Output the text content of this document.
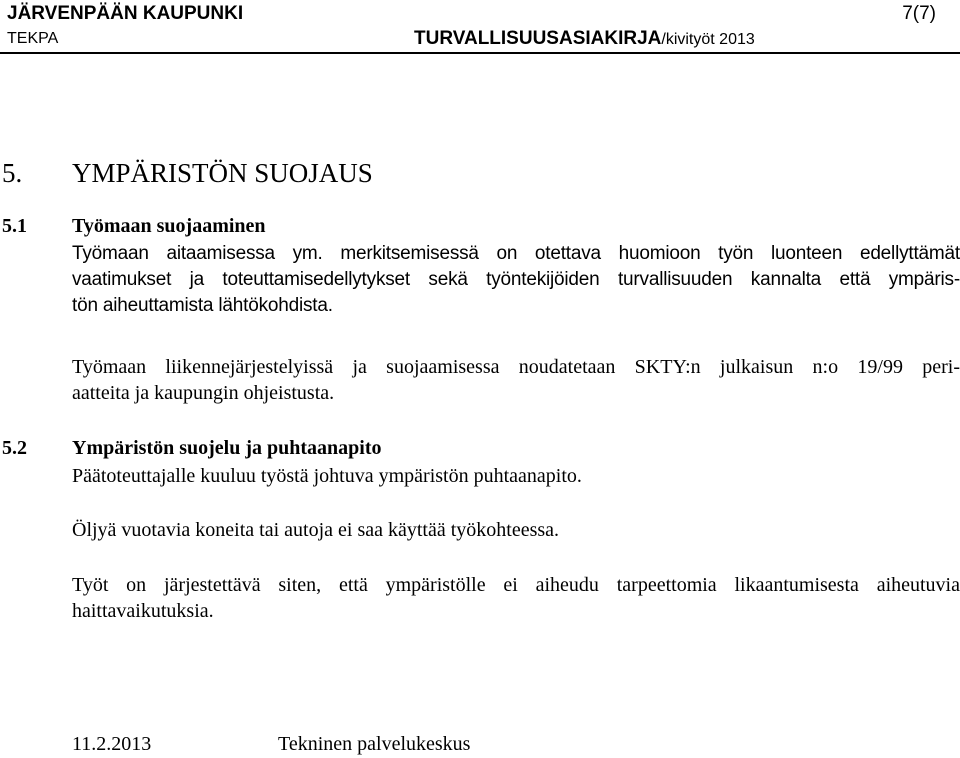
JÄRVENPÄÄN KAUPUNKI	7(7)
TEKPA	TURVALLISUUSASIAKIRJA/kivityöt 2013
5. YMPÄRISTÖN SUOJAUS
5.1 Työmaan suojaaminen
Työmaan aitaamisessa ym. merkitsemisessä on otettava huomioon työn luonteen edellyttämät
vaatimukset ja toteuttamisedellytykset sekä työntekijöiden turvallisuuden kannalta että ympäris-
tön aiheuttamista lähtökohdista.
Työmaan liikennejärjestelyissä ja suojaamisessa noudatetaan SKTY:n julkaisun n:o 19/99 peri-
aatteita ja kaupungin ohjeistusta.
5.2 Ympäristön suojelu ja puhtaanapito
Päätoteuttajalle kuuluu työstä johtuva ympäristön puhtaanapito.
Öljyä vuotavia koneita tai autoja ei saa käyttää työkohteessa.
Työt on järjestettävä siten, että ympäristölle ei aiheudu tarpeettomia likaantumisesta aiheutuvia
haittavaikutuksia.
11.2.2013	Tekninen palvelukeskus
